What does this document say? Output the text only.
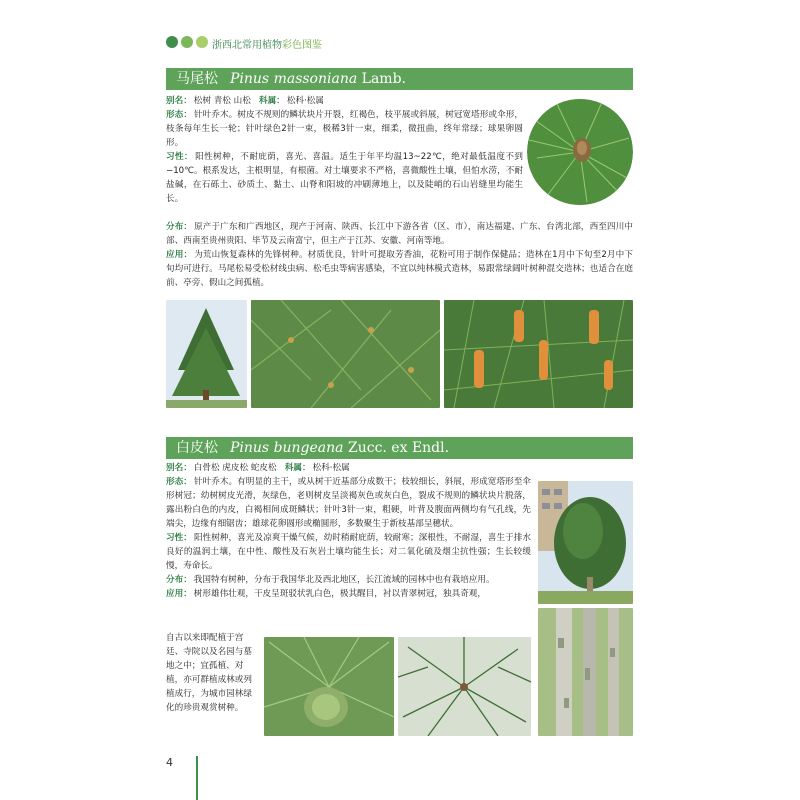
浙西北常用植物彩色图鉴
马尾松 Pinus massoniana Lamb.
别名： 松树 青松 山松 科属： 松科·松属
形态： 针叶乔木。树皮不规则的鳞状块片开裂，红褐色，枝平展或斜展，树冠宽塔形或伞形，枝条每年生长一轮；针叶绿色2针一束，极稀3针一束，细柔，微扭曲，终年常绿；球果卵圆形。
习性： 阳性树种，不耐庇荫，喜光、喜温。适生于年平均温13~22℃，绝对最低温度不到−10℃。根系发达，主根明显，有根菌。对土壤要求不严格，喜微酸性土壤，但怕水涝，不耐盐碱，在石砾土、砂质土、黏土、山脊和阳坡的冲刷薄地上，以及陡峭的石山岩缝里均能生长。
分布： 原产于广东和广西地区，现产于河南、陕西、长江中下游各省（区、市），南达福建、广东、台湾北部，西至四川中部、西南至贵州贵阳、毕节及云南富宁，但主产于江苏、安徽、河南等地。
应用： 为荒山恢复森林的先锋树种。材质优良，针叶可提取芳香油，花粉可用于制作保健品；造林在1月中下旬至2月中下旬均可进行。马尾松易受松材线虫病、松毛虫等病害感染，不宜以纯林模式造林，易跟常绿阔叶树种混交造林；也适合在庭前、亭旁、假山之间孤植。
白皮松 Pinus bungeana Zucc. ex Endl.
别名： 白骨松 虎皮松 蛇皮松 科属： 松科·松属
形态： 针叶乔木。有明显的主干，或从树干近基部分成数干；枝较细长，斜展，形成宽塔形至伞形树冠；幼树树皮光滑，灰绿色，老则树皮呈淡褐灰色或灰白色，裂成不规则的鳞状块片脱落，露出粉白色的内皮，白褐相间成斑鳞状；针叶3针一束，粗硬，叶背及腹面两侧均有气孔线，先端尖，边缘有细锯齿；雄球花卵圆形或椭圆形，多数聚生于新枝基部呈穗状。
习性： 阳性树种，喜光及凉爽干燥气候，幼时稍耐庇荫，较耐寒；深根性，不耐湿，喜生于排水良好的温润土壤，在中性、酸性及石灰岩土壤均能生长；对二氧化硫及烟尘抗性强；生长较缓慢，寿命长。
分布： 我国特有树种，分布于我国华北及西北地区，长江流域的园林中也有栽培应用。
应用： 树形雄伟壮观，干皮呈斑驳状乳白色，极其醒目，衬以青翠树冠，独具奇观，
自古以来即配植于宫廷、寺院以及名园与墓地之中；宜孤植、对植，亦可群植成林或列植成行，为城市园林绿化的珍贵观赏树种。
4
